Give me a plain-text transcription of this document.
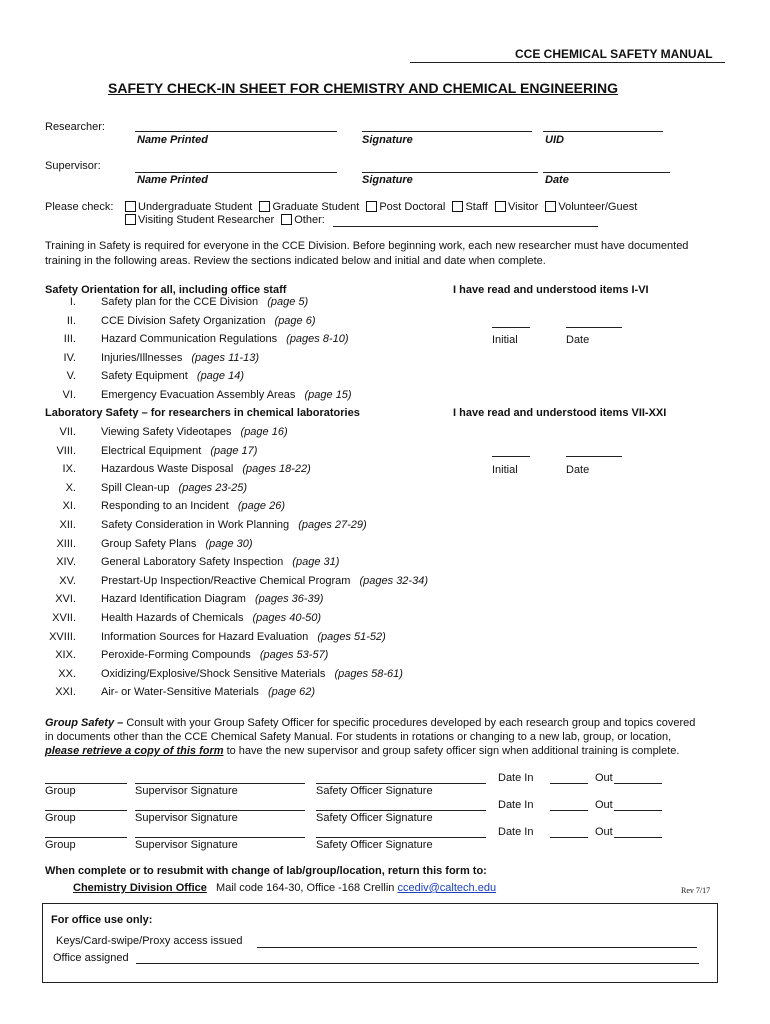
CCE CHEMICAL SAFETY MANUAL
SAFETY CHECK-IN SHEET FOR CHEMISTRY AND CHEMICAL ENGINEERING
Researcher:
Name Printed	Signature	UID
Supervisor:
Name Printed	Signature	Date
Please check:	Undergraduate Student Graduate Student Post Doctoral Staff Visitor Volunteer/Guest
Visiting Student Researcher Other:
Training in Safety is required for everyone in the CCE Division. Before beginning work, each new researcher must have documented
training in the following areas. Review the sections indicated below and initial and date when complete.
Safety Orientation for all, including office staff	I have read and understood items I-VI
I. Safety plan for the CCE Division (page 5)
II. CCE Division Safety Organization (page 6)
III. Hazard Communication Regulations (pages 8-10)
IV. Injuries/Illnesses (pages 11-13)
V. Safety Equipment (page 14)
VI. Emergency Evacuation Assembly Areas (page 15)
Initial	Date
Laboratory Safety – for researchers in chemical laboratories	I have read and understood items VII-XXI
VII. Viewing Safety Videotapes (page 16)
VIII. Electrical Equipment (page 17)
IX. Hazardous Waste Disposal (pages 18-22)
X. Spill Clean-up (pages 23-25)
XI. Responding to an Incident (page 26)
XII. Safety Consideration in Work Planning (pages 27-29)
XIII. Group Safety Plans (page 30)
XIV. General Laboratory Safety Inspection (page 31)
XV. Prestart-Up Inspection/Reactive Chemical Program (pages 32-34)
XVI. Hazard Identification Diagram (pages 36-39)
XVII. Health Hazards of Chemicals (pages 40-50)
XVIII. Information Sources for Hazard Evaluation (pages 51-52)
XIX. Peroxide-Forming Compounds (pages 53-57)
XX. Oxidizing/Explosive/Shock Sensitive Materials (pages 58-61)
XXI. Air- or Water-Sensitive Materials (page 62)
Initial	Date
Group Safety – Consult with your Group Safety Officer for specific procedures developed by each research group and topics covered
in documents other than the CCE Chemical Safety Manual. For students in rotations or changing to a new lab, group, or location,
please retrieve a copy of this form to have the new supervisor and group safety officer sign when additional training is complete.
Group	Supervisor Signature	Safety Officer Signature
Date In	Out
Group	Supervisor Signature	Safety Officer Signature
Date In	Out
Group	Supervisor Signature	Safety Officer Signature
Date In	Out
When complete or to resubmit with change of lab/group/location, return this form to:
Chemistry Division Office Mail code 164-30, Office -168 Crellin ccediv@caltech.edu	Rev 7/17
For office use only:
Keys/Card-swipe/Proxy access issued
Office assigned
